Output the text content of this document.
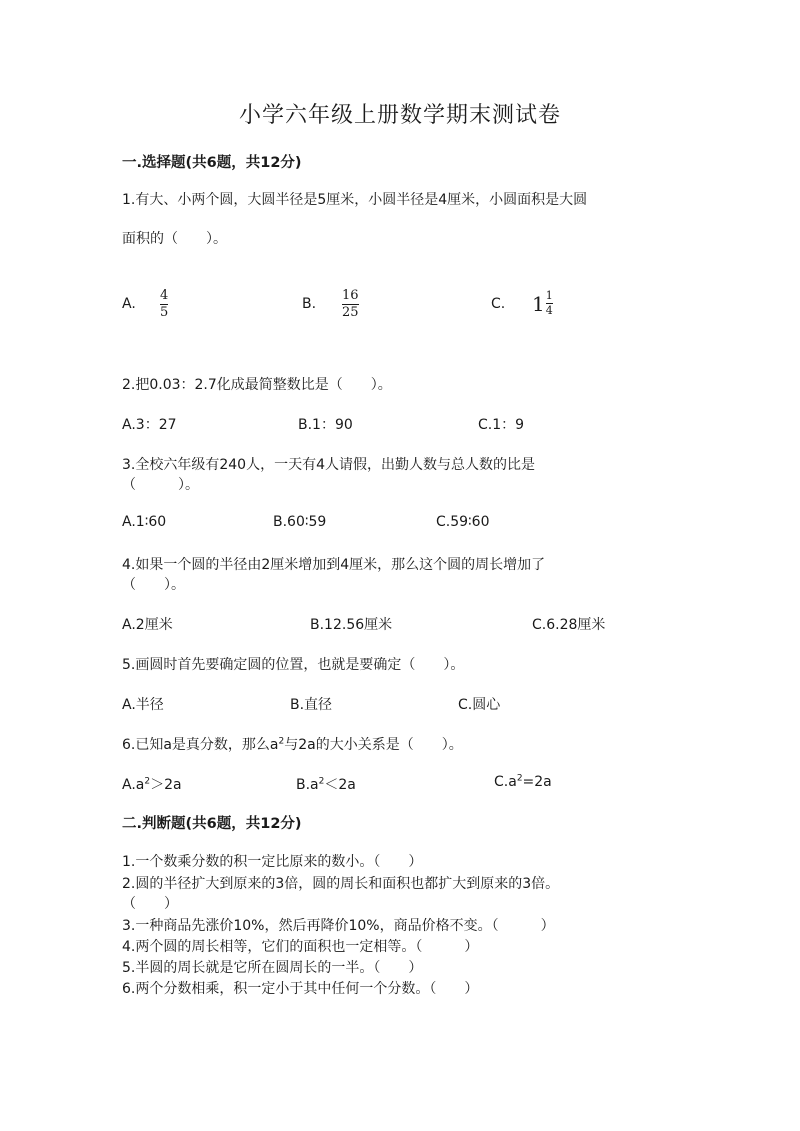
小学六年级上册数学期末测试卷
一.选择题(共6题，共12分)
1.有大、小两个圆，大圆半径是5厘米，小圆半径是4厘米，小圆面积是大圆
面积的（　　）。
A.
4
5
B.
16
25
C. $1 \frac{1}{4}$
2.把0.03：2.7化成最简整数比是（　　）。
A.3：27	B.1：90	C.1：9
3.全校六年级有240人，一天有4人请假，出勤人数与总人数的比是
（　　　）。
A.1∶60	B.60∶59	C.59∶60
4.如果一个圆的半径由2厘米增加到4厘米，那么这个圆的周长增加了
（　　）。
A.2厘米	B.12.56厘米	C.6.28厘米
5.画圆时首先要确定圆的位置，也就是要确定（　　）。
A.半径	B.直径	C.圆心
6.已知a是真分数，那么$a^2$与2a的大小关系是（　　）。
$A.a^2>2a$	$B.a^2<2a$	$C.a^2=2a$
二.判断题(共6题，共12分)
1.一个数乘分数的积一定比原来的数小。（　　）
2.圆的半径扩大到原来的3倍，圆的周长和面积也都扩大到原来的3倍。
（　　）
3.一种商品先涨价10%，然后再降价10%，商品价格不变。（　　　）
4.两个圆的周长相等，它们的面积也一定相等。（　　　）
5.半圆的周长就是它所在圆周长的一半。（　　）
6.两个分数相乘，积一定小于其中任何一个分数。（　　）
